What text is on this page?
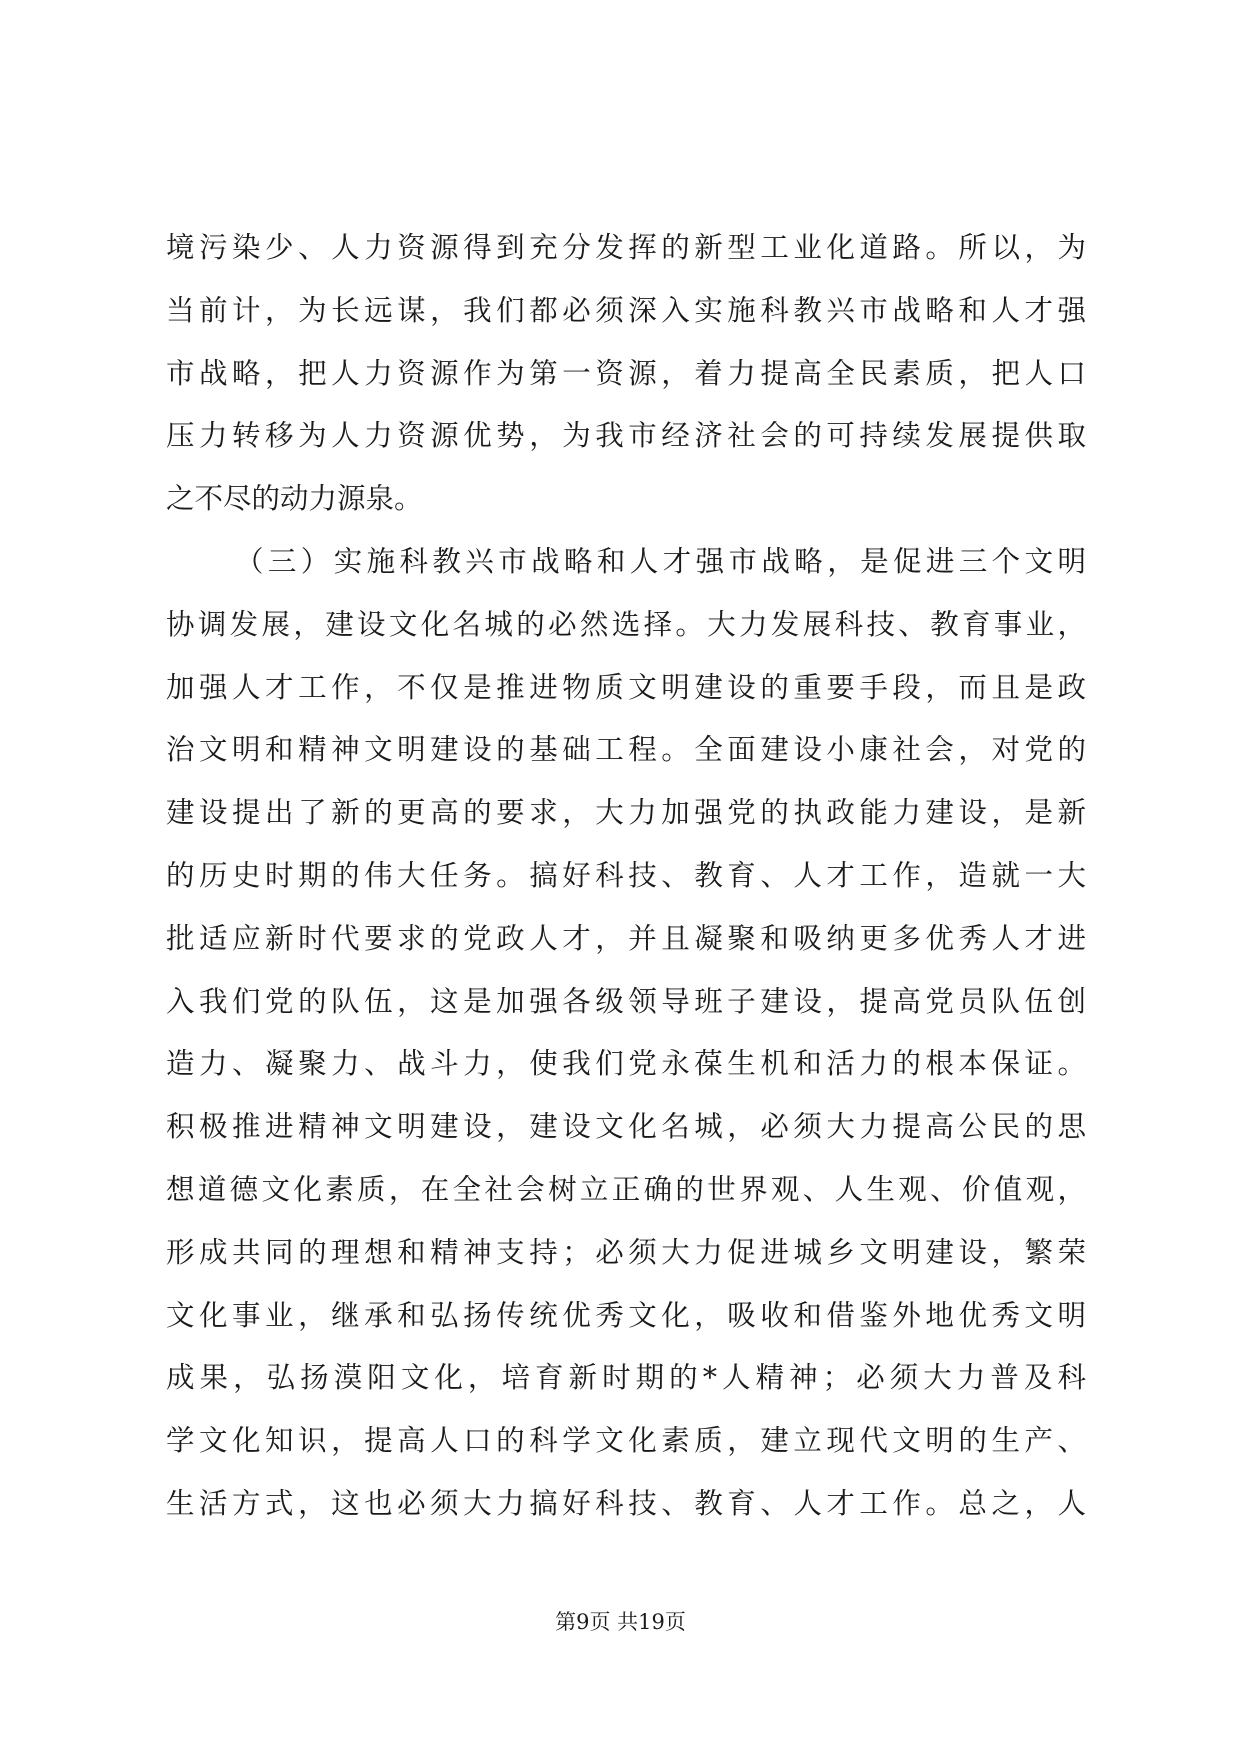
境污染少、人力资源得到充分发挥的新型工业化道路。所以，为
当前计，为长远谋，我们都必须深入实施科教兴市战略和人才强
市战略，把人力资源作为第一资源，着力提高全民素质，把人口
压力转移为人力资源优势，为我市经济社会的可持续发展提供取
之不尽的动力源泉。
（三）实施科教兴市战略和人才强市战略，是促进三个文明
协调发展，建设文化名城的必然选择。大力发展科技、教育事业，
加强人才工作，不仅是推进物质文明建设的重要手段，而且是政
治文明和精神文明建设的基础工程。全面建设小康社会，对党的
建设提出了新的更高的要求，大力加强党的执政能力建设，是新
的历史时期的伟大任务。搞好科技、教育、人才工作，造就一大
批适应新时代要求的党政人才，并且凝聚和吸纳更多优秀人才进
入我们党的队伍，这是加强各级领导班子建设，提高党员队伍创
造力、凝聚力、战斗力，使我们党永葆生机和活力的根本保证。
积极推进精神文明建设，建设文化名城，必须大力提高公民的思
想道德文化素质，在全社会树立正确的世界观、人生观、价值观，
形成共同的理想和精神支持；必须大力促进城乡文明建设，繁荣
文化事业，继承和弘扬传统优秀文化，吸收和借鉴外地优秀文明
成果，弘扬漠阳文化，培育新时期的*人精神；必须大力普及科
学文化知识，提高人口的科学文化素质，建立现代文明的生产、
生活方式，这也必须大力搞好科技、教育、人才工作。总之，人
第9页 共19页
